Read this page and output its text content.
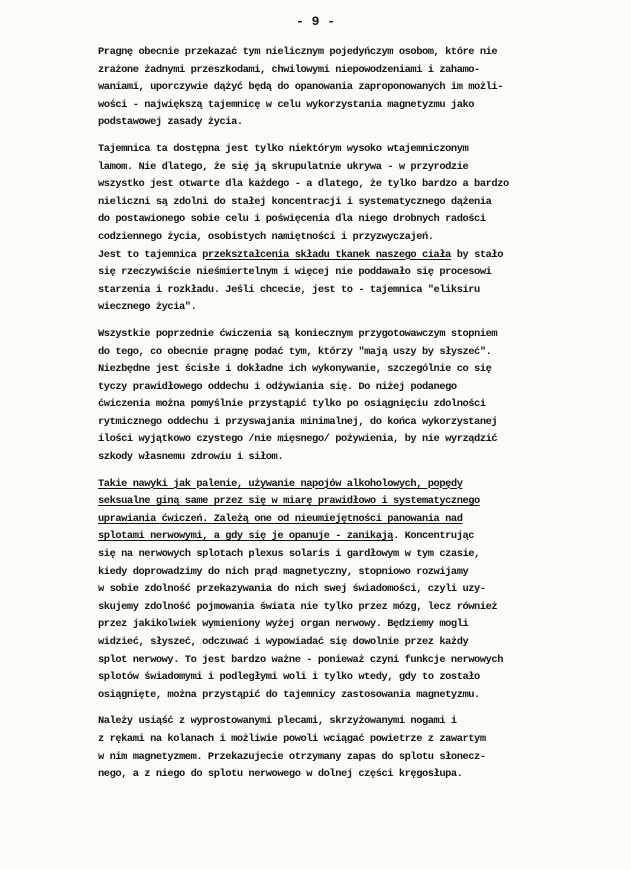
- 9 -
Pragnę obecnie przekazać tym nielicznym pojedyńczym osobom, które nie
zrażone żadnymi przeszkodami, chwilowymi niepowodzeniami i zahamo-
waniami, uporczywie dążyć będą do opanowania zaproponowanych im możli-
wości - największą tajemnicę w celu wykorzystania magnetyzmu jako
podstawowej zasady życia.
Tajemnica ta dostępna jest tylko niektórym wysoko wtajemniczonym
lamom. Nie dlatego, że się ją skrupulatnie ukrywa - w przyrodzie
wszystko jest otwarte dla każdego - a dlatego, że tylko bardzo a bardzo
nieliczni są zdolni do stałej koncentracji i systematycznego dążenia
do postawionego sobie celu i poświęcenia dla niego drobnych radości
codziennego życia, osobistych namiętności i przyzwyczajeń.
Jest to tajemnica przekształcenia składu tkanek naszego ciała by stało
się rzeczywiście nieśmiertelnym i więcej nie poddawało się procesowi
starzenia i rozkładu. Jeśli chcecie, jest to - tajemnica "eliksiru
wiecznego życia".
Wszystkie poprzednie ćwiczenia są koniecznym przygotowawczym stopniem
do tego, co obecnie pragnę podać tym, którzy "mają uszy by słyszeć".
Niezbędne jest ścisłe i dokładne ich wykonywanie, szczególnie co się
tyczy prawidłowego oddechu i odżywiania się. Do niżej podanego
ćwiczenia można pomyślnie przystąpić tylko po osiągnięciu zdolności
rytmicznego oddechu i przyswajania minimalnej, do końca wykorzystanej
ilości wyjątkowo czystego /nie mięsnego/ pożywienia, by nie wyrządzić
szkody własnemu zdrowiu i siłom.
Takie nawyki jak palenie, używanie napojów alkoholowych, popędy
seksualne giną same przez się w miarę prawidłowo i systematycznego
uprawiania ćwiczeń. Zależą one od nieumiejętności panowania nad
splotami nerwowymi, a gdy się je opanuje - zanikają. Koncentrując
się na nerwowych splotach plexus solaris i gardłowym w tym czasie,
kiedy doprowadzimy do nich prąd magnetyczny, stopniowo rozwijamy
w sobie zdolność przekazywania do nich swej świadomości, czyli uzy-
skujemy zdolność pojmowania świata nie tylko przez mózg, lecz również
przez jakikolwiek wymieniony wyżej organ nerwowy. Będziemy mogli
widzieć, słyszeć, odczuwać i wypowiadać się dowolnie przez każdy
splot nerwowy. To jest bardzo ważne - ponieważ czyni funkcje nerwowych
splotów świadomymi i podległymi woli i tylko wtedy, gdy to zostało
osiągnięte, można przystąpić do tajemnicy zastosowania magnetyzmu.
Należy usiąść z wyprostowanymi plecami, skrzyżowanymi nogami i
z rękami na kolanach i możliwie powoli wciągać powietrze z zawartym
w nim magnetyzmem. Przekazujecie otrzymany zapas do splotu słonecz-
nego, a z niego do splotu nerwowego w dolnej części kręgosłupa.
